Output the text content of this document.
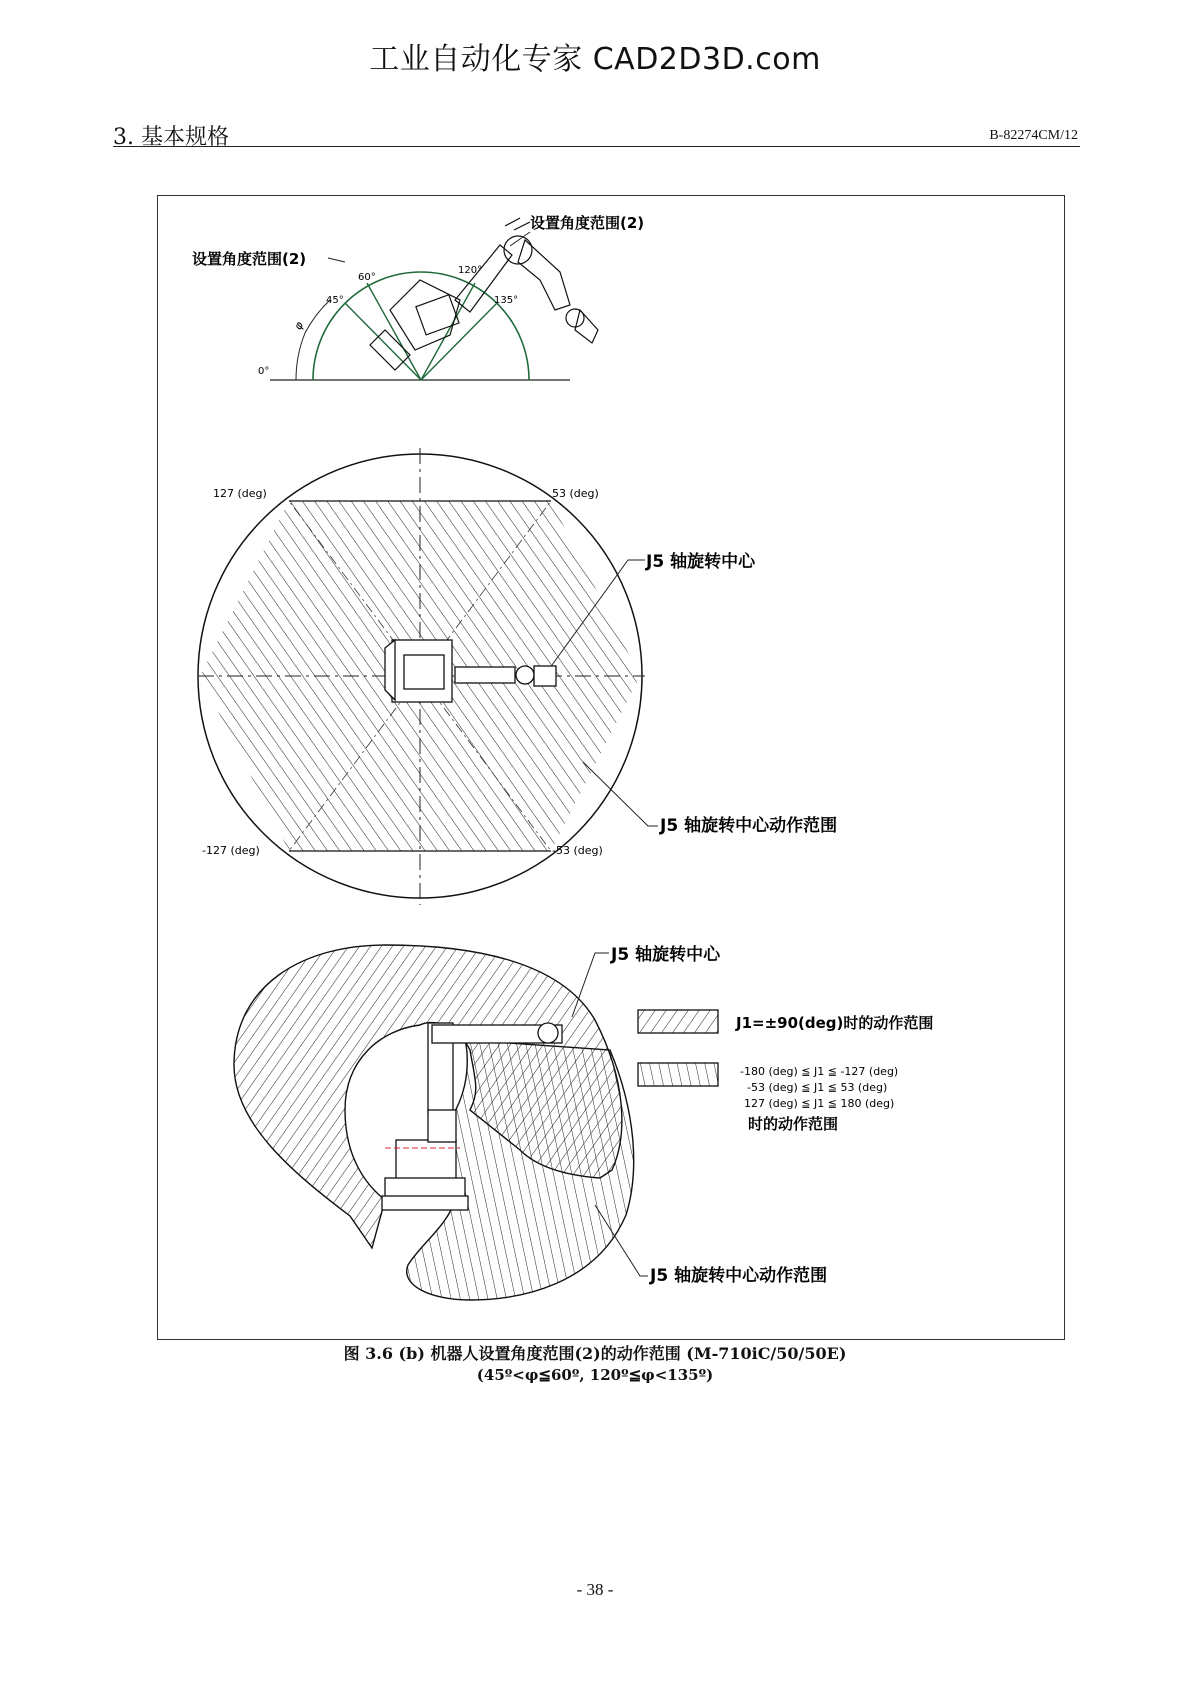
工业自动化专家 CAD2D3D.com
3. 基本规格	B-82274CM/12
设置角度范围(2)
设置角度范围(2)
0°
45°
60°
120°
135°
φ
127 (deg)	53 (deg)
-127 (deg)	-53 (deg)
J5 轴旋转中心
J5 轴旋转中心动作范围
J5 轴旋转中心
J5 轴旋转中心动作范围
J1=±90(deg)时的动作范围
-180 (deg) ≦ J1 ≦ -127 (deg)
-53 (deg) ≦ J1 ≦ 53 (deg)
127 (deg) ≦ J1 ≦ 180 (deg)
时的动作范围
图 3.6 (b) 机器人设置角度范围(2)的动作范围 (M-710iC/50/50E)
(45º<φ≦60º, 120º≦φ<135º)
- 38 -
